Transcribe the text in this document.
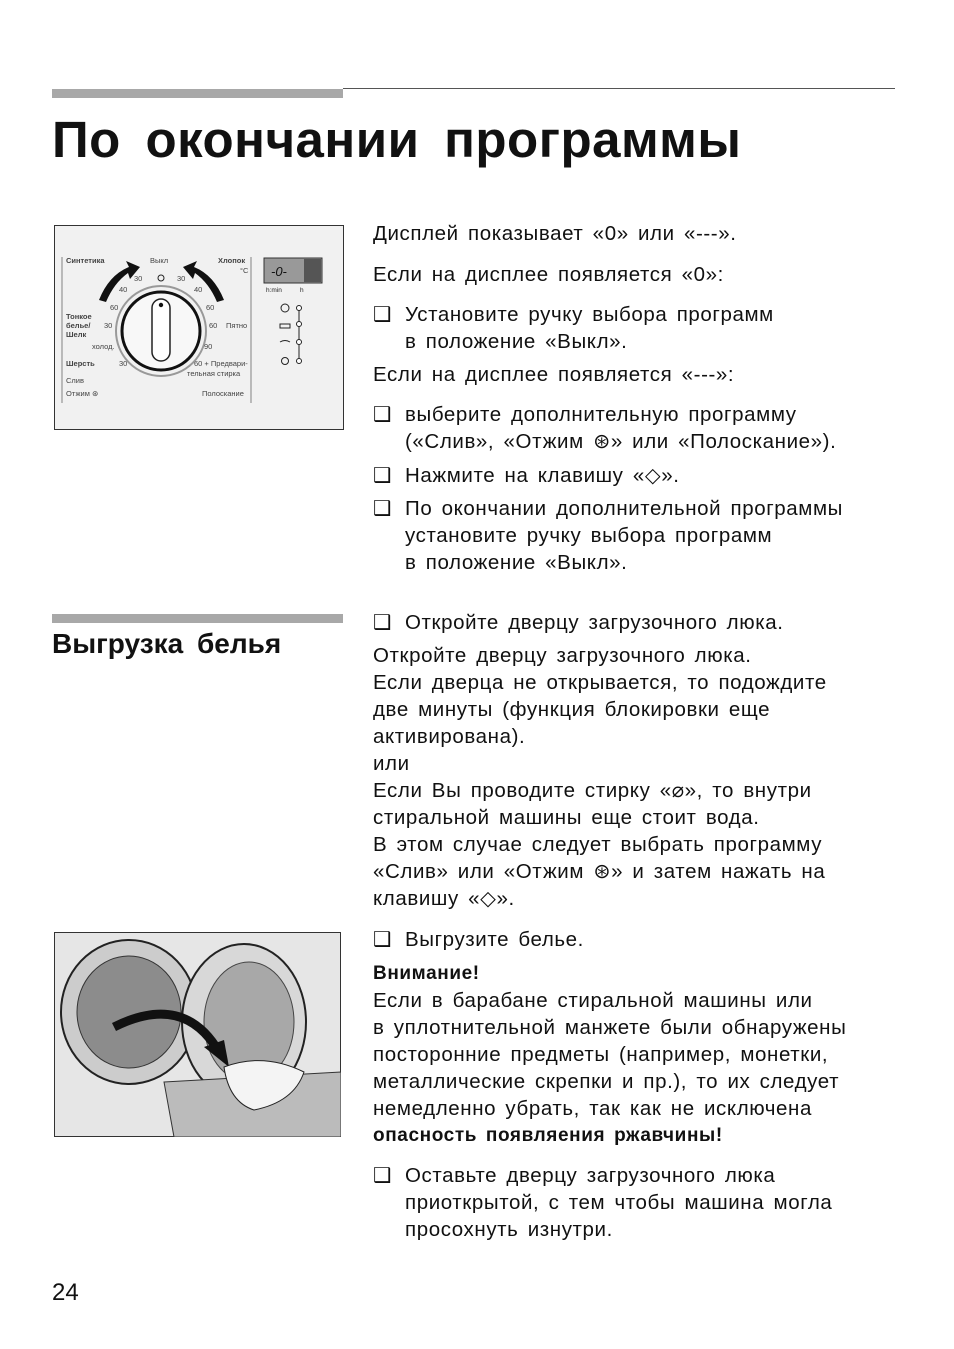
По окончании программы
Синтетика	Выкл	Хлопок
°C
Тонкое
белье/
Шелк
холод.
Шерсть
Слив
Отжим ⊛
Пятно
60 + Предвари-
тельная стирка
Полоскание
30
40
60
30
30
30
40
60
60
90
-0-
h:min	h
Дисплей показывает «0» или «---».
Если на дисплее появляется «0»:
❑ Установите ручку выбора программ
в положение «Выкл».
Если на дисплее появляется «---»:
❑ выберите дополнительную программу
(«Слив», «Отжим ⊛» или «Полоскание»).
❑ Нажмите на клавишу «◇».
❑ По окончании дополнительной программы
установите ручку выбора программ
в положение «Выкл».
Выгрузка белья
❑ Откройте дверцу загрузочного люка.
Откройте дверцу загрузочного люка.
Если дверца не открывается, то подождите
две минуты (функция блокировки еще
активирована).
или
Если Вы проводите стирку «⌀», то внутри
стиральной машины еще стоит вода.
В этом случае следует выбрать программу
«Слив» или «Отжим ⊛» и затем нажать на
клавишу «◇».
❑ Выгрузите белье.
Внимание!
Если в барабане стиральной машины или
в уплотнительной манжете были обнаружены
посторонние предметы (например, монетки,
металлические скрепки и пр.), то их следует
немедленно убрать, так как не исключена
опасность появляения ржавчины!
❑ Оставьте дверцу загрузочного люка
приоткрытой, с тем чтобы машина могла
просохнуть изнутри.
24
